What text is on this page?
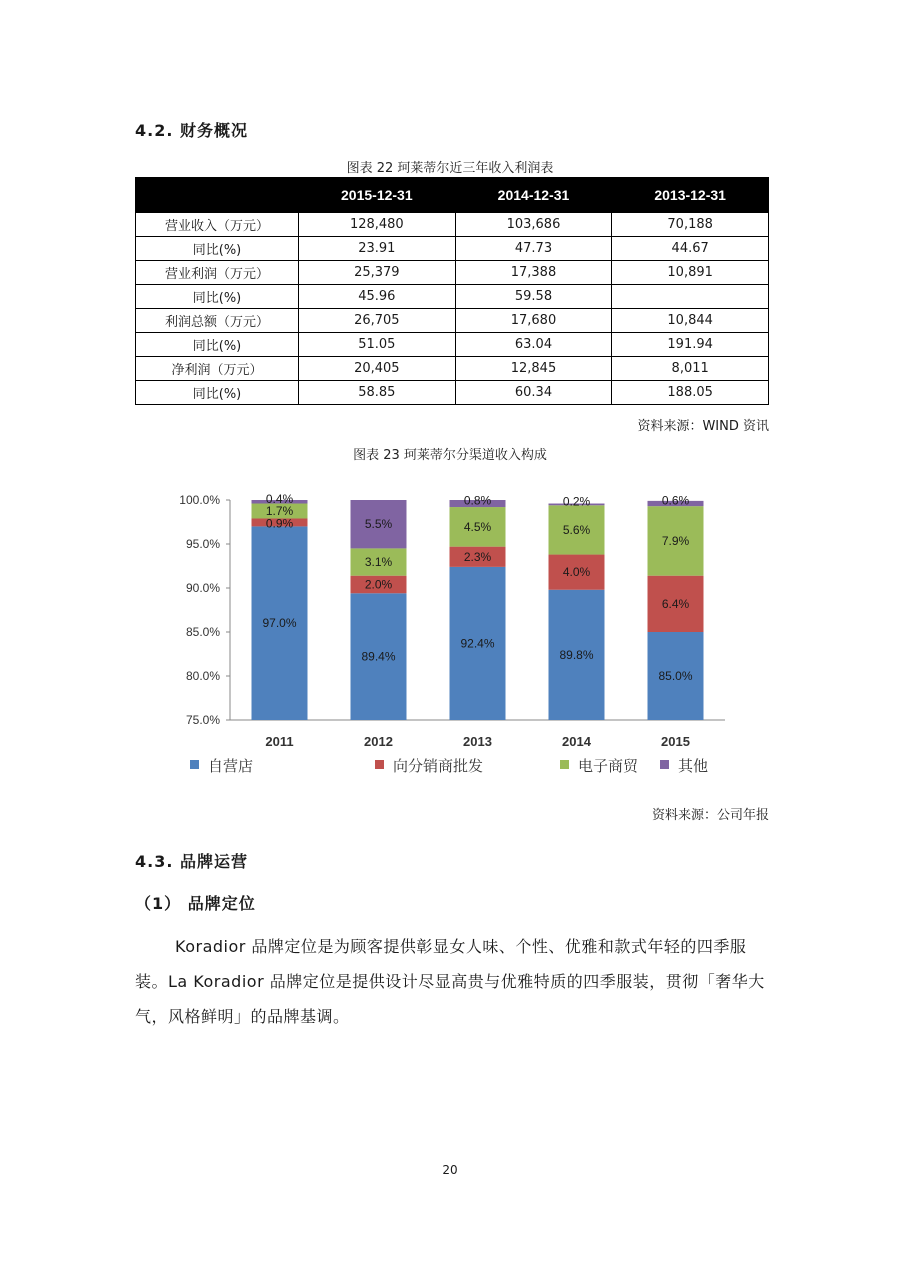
4.2. 财务概况
图表 22 珂莱蒂尔近三年收入利润表
	2015-12-31	2014-12-31	2013-12-31
营业收入（万元）	128,480	103,686	70,188
同比(%)	23.91	47.73	44.67
营业利润（万元）	25,379	17,388	10,891
同比(%)	45.96	59.58	
利润总额（万元）	26,705	17,680	10,844
同比(%)	51.05	63.04	191.94
净利润（万元）	20,405	12,845	8,011
同比(%)	58.85	60.34	188.05
资料来源：WIND 资讯
图表 23 珂莱蒂尔分渠道收入构成
100.0%
95.0%
90.0%
85.0%
80.0%
75.0%
2011
97.0%
0.9%
1.7%
0.4%
2012
89.4%
2.0%
3.1%
5.5%
2013
92.4%
2.3%
4.5%
0.8%
2014
89.8%
4.0%
5.6%
0.2%
2015
85.0%
6.4%
7.9%
0.6%
自营店	向分销商批发	电子商贸	其他
资料来源：公司年报
4.3. 品牌运营
（1） 品牌定位
Koradior 品牌定位是为顾客提供彰显女人味、个性、优雅和款式年轻的四季服装。La Koradior 品牌定位是提供设计尽显高贵与优雅特质的四季服装，贯彻「奢华大气，风格鲜明」的品牌基调。
20
